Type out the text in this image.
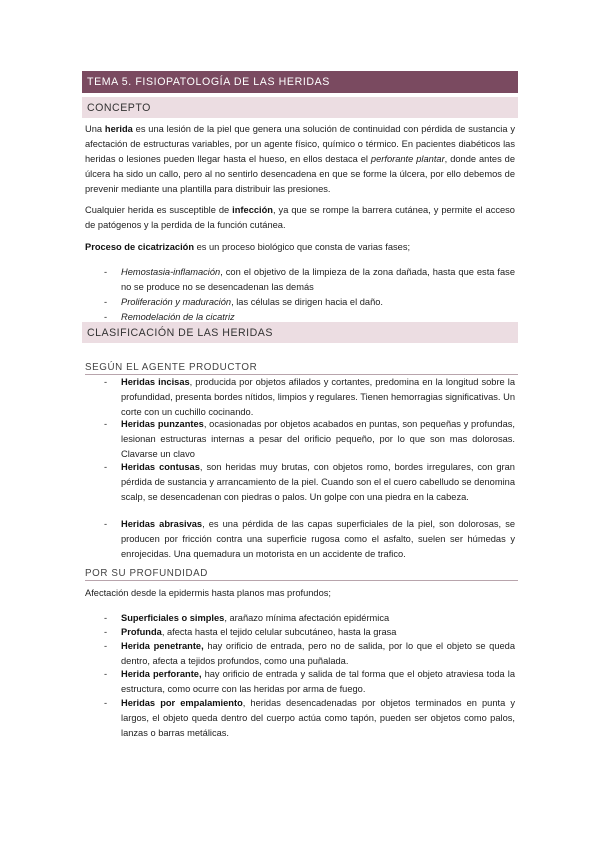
TEMA 5. FISIOPATOLOGÍA DE LAS HERIDAS
CONCEPTO
Una herida es una lesión de la piel que genera una solución de continuidad con pérdida de sustancia y afectación de estructuras variables, por un agente físico, químico o térmico. En pacientes diabéticos las heridas o lesiones pueden llegar hasta el hueso, en ellos destaca el perforante plantar, donde antes de úlcera ha sido un callo, pero al no sentirlo desencadena en que se forme la úlcera, por ello debemos de prevenir mediante una plantilla para distribuir las presiones.
Cualquier herida es susceptible de infección, ya que se rompe la barrera cutánea, y permite el acceso de patógenos y la perdida de la función cutánea.
Proceso de cicatrización es un proceso biológico que consta de varias fases;
- Hemostasia-inflamación, con el objetivo de la limpieza de la zona dañada, hasta que esta fase no se produce no se desencadenan las demás
- Proliferación y maduración, las células se dirigen hacia el daño.
- Remodelación de la cicatriz
CLASIFICACIÓN DE LAS HERIDAS
SEGÚN EL AGENTE PRODUCTOR
- Heridas incisas, producida por objetos afilados y cortantes, predomina en la longitud sobre la profundidad, presenta bordes nítidos, limpios y regulares. Tienen hemorragias significativas. Un corte con un cuchillo cocinando.
- Heridas punzantes, ocasionadas por objetos acabados en puntas, son pequeñas y profundas, lesionan estructuras internas a pesar del orificio pequeño, por lo que son mas dolorosas. Clavarse un clavo
- Heridas contusas, son heridas muy brutas, con objetos romo, bordes irregulares, con gran pérdida de sustancia y arrancamiento de la piel. Cuando son el el cuero cabelludo se denomina scalp, se desencadenan con piedras o palos. Un golpe con una piedra en la cabeza.
- Heridas abrasivas, es una pérdida de las capas superficiales de la piel, son dolorosas, se producen por fricción contra una superficie rugosa como el asfalto, suelen ser húmedas y enrojecidas. Una quemadura un motorista en un accidente de trafico.
POR SU PROFUNDIDAD
Afectación desde la epidermis hasta planos mas profundos;
- Superficiales o simples, arañazo mínima afectación epidérmica
- Profunda, afecta hasta el tejido celular subcutáneo, hasta la grasa
- Herida penetrante, hay orificio de entrada, pero no de salida, por lo que el objeto se queda dentro, afecta a tejidos profundos, como una puñalada.
- Herida perforante, hay orificio de entrada y salida de tal forma que el objeto atraviesa toda la estructura, como ocurre con las heridas por arma de fuego.
- Heridas por empalamiento, heridas desencadenadas por objetos terminados en punta y largos, el objeto queda dentro del cuerpo actúa como tapón, pueden ser objetos como palos, lanzas o barras metálicas.
